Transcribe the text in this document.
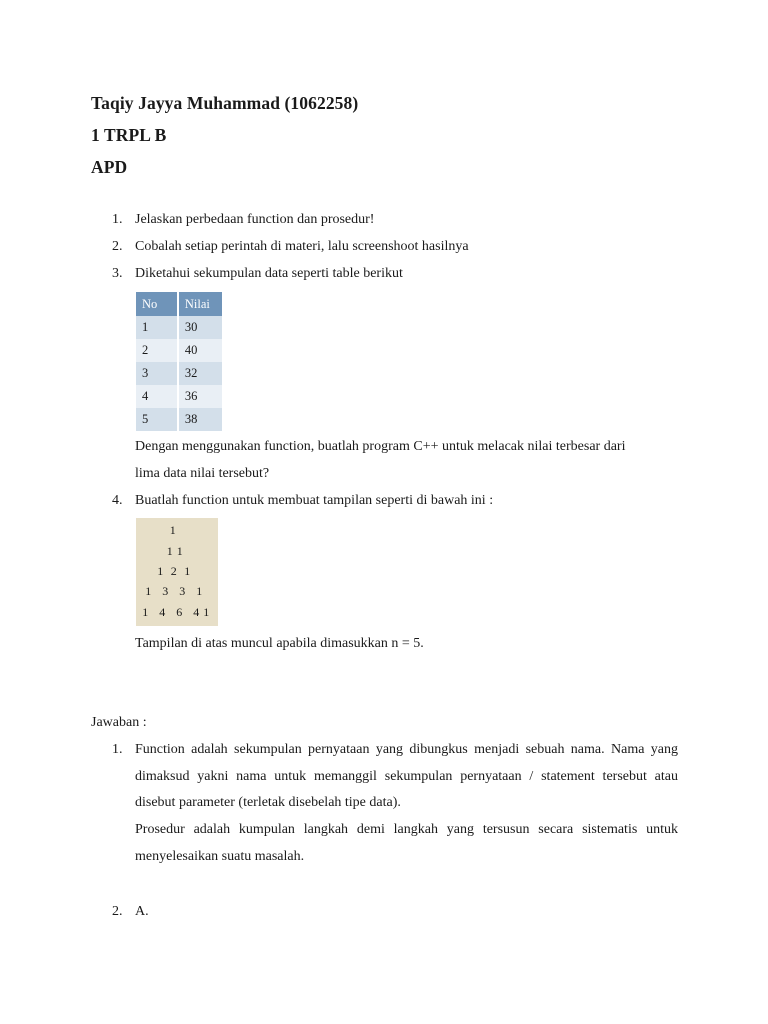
Taqiy Jayya Muhammad (1062258)
1 TRPL B
APD
1. Jelaskan perbedaan function dan prosedur!
2. Cobalah setiap perintah di materi, lalu screenshoot hasilnya
3. Diketahui sekumpulan data seperti table berikut
No	Nilai
1	30
2	40
3	32
4	36
5	38
Dengan menggunakan function, buatlah program C++ untuk melacak nilai terbesar dari
lima data nilai tersebut?
4. Buatlah function untuk membuat tampilan seperti di bawah ini :
1
1 1
1  2  1
1   3   3   1
1   4   6   4 1
Tampilan di atas muncul apabila dimasukkan n = 5.
Jawaban :
1. Function adalah sekumpulan pernyataan yang dibungkus menjadi sebuah nama. Nama yang dimaksud yakni nama untuk memanggil sekumpulan pernyataan / statement tersebut atau disebut parameter (terletak disebelah tipe data).
Prosedur adalah kumpulan langkah demi langkah yang tersusun secara sistematis untuk menyelesaikan suatu masalah.
2. A.
